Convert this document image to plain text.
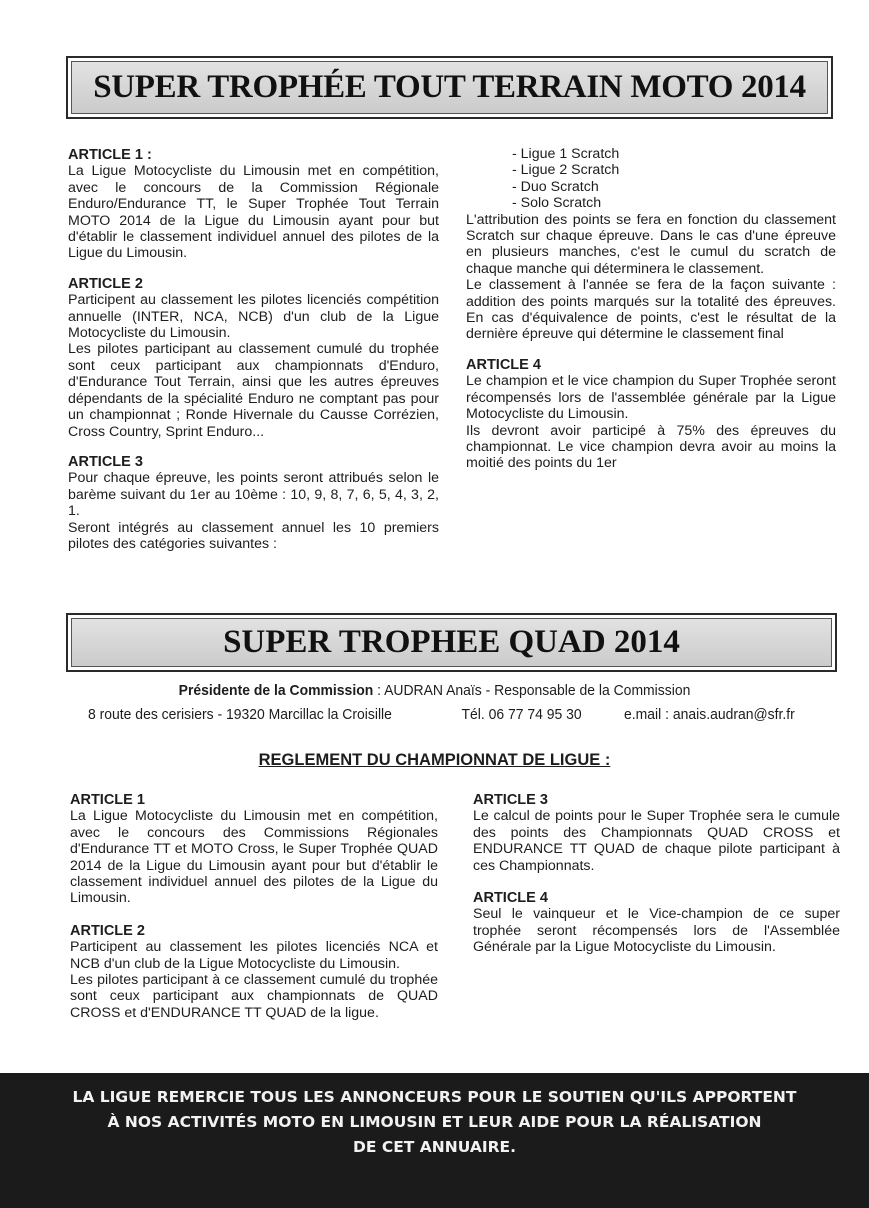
SUPER TROPHÉE TOUT TERRAIN MOTO 2014

ARTICLE 1 :

La Ligue Motocycliste du Limousin met en compétition, avec le concours de la Commission Régionale Enduro/Endurance TT, le Super Trophée Tout Terrain MOTO 2014 de la Ligue du Limousin ayant pour but d'établir le classement individuel annuel des pilotes de la Ligue du Limousin.

ARTICLE 2

Participent au classement les pilotes licenciés compétition annuelle (INTER, NCA, NCB) d'un club de la Ligue Motocycliste du Limousin.

Les pilotes participant au classement cumulé du trophée sont ceux participant aux championnats d'Enduro, d'Endurance Tout Terrain, ainsi que les autres épreuves dépendants de la spécialité Enduro ne comptant pas pour un championnat ; Ronde Hivernale du Causse Corrézien, Cross Country, Sprint Enduro...

ARTICLE 3

Pour chaque épreuve, les points seront attribués selon le barème suivant du 1er au 10ème : 10, 9, 8, 7, 6, 5, 4, 3, 2, 1.

Seront intégrés au classement annuel les 10 premiers pilotes des catégories suivantes :

- Ligue 1 Scratch

- Ligue 2 Scratch

- Duo Scratch

- Solo Scratch

L'attribution des points se fera en fonction du classement Scratch sur chaque épreuve. Dans le cas d'une épreuve en plusieurs manches, c'est le cumul du scratch de chaque manche qui déterminera le classement.

Le classement à l'année se fera de la façon suivante : addition des points marqués sur la totalité des épreuves. En cas d'équivalence de points, c'est le résultat de la dernière épreuve qui détermine le classement final

ARTICLE 4

Le champion et le vice champion du Super Trophée seront récompensés lors de l'assemblée générale par la Ligue Motocycliste du Limousin.

Ils devront avoir participé à 75% des épreuves du championnat. Le vice champion devra avoir au moins la moitié des points du 1er

SUPER TROPHEE QUAD 2014
Présidente de la Commission : AUDRAN Anaïs - Responsable de la Commission
8 route des cerisiers - 19320 Marcillac la Croisille	Tél. 06 77 74 95 30	e.mail : anais.audran@sfr.fr
REGLEMENT DU CHAMPIONNAT DE LIGUE :

ARTICLE 1

La Ligue Motocycliste du Limousin met en compétition, avec le concours des Commissions Régionales d'Endurance TT et MOTO Cross, le Super Trophée QUAD 2014 de la Ligue du Limousin ayant pour but d'établir le classement individuel annuel des pilotes de la Ligue du Limousin.

ARTICLE 2

Participent au classement les pilotes licenciés NCA et NCB d'un club de la Ligue Motocycliste du Limousin.

Les pilotes participant à ce classement cumulé du trophée sont ceux participant aux championnats de QUAD CROSS et d'ENDURANCE TT QUAD de la ligue.

ARTICLE 3

Le calcul de points pour le Super Trophée sera le cumule des points des Championnats QUAD CROSS et ENDURANCE TT QUAD de chaque pilote participant à ces Championnats.

ARTICLE 4

Seul le vainqueur et le Vice-champion de ce super trophée seront récompensés lors de l'Assemblée Générale par la Ligue Motocycliste du Limousin.

LA LIGUE REMERCIE TOUS LES ANNONCEURS POUR LE SOUTIEN QU'ILS APPORTENT

À NOS ACTIVITÉS MOTO EN LIMOUSIN ET LEUR AIDE POUR LA RÉALISATION

DE CET ANNUAIRE.
